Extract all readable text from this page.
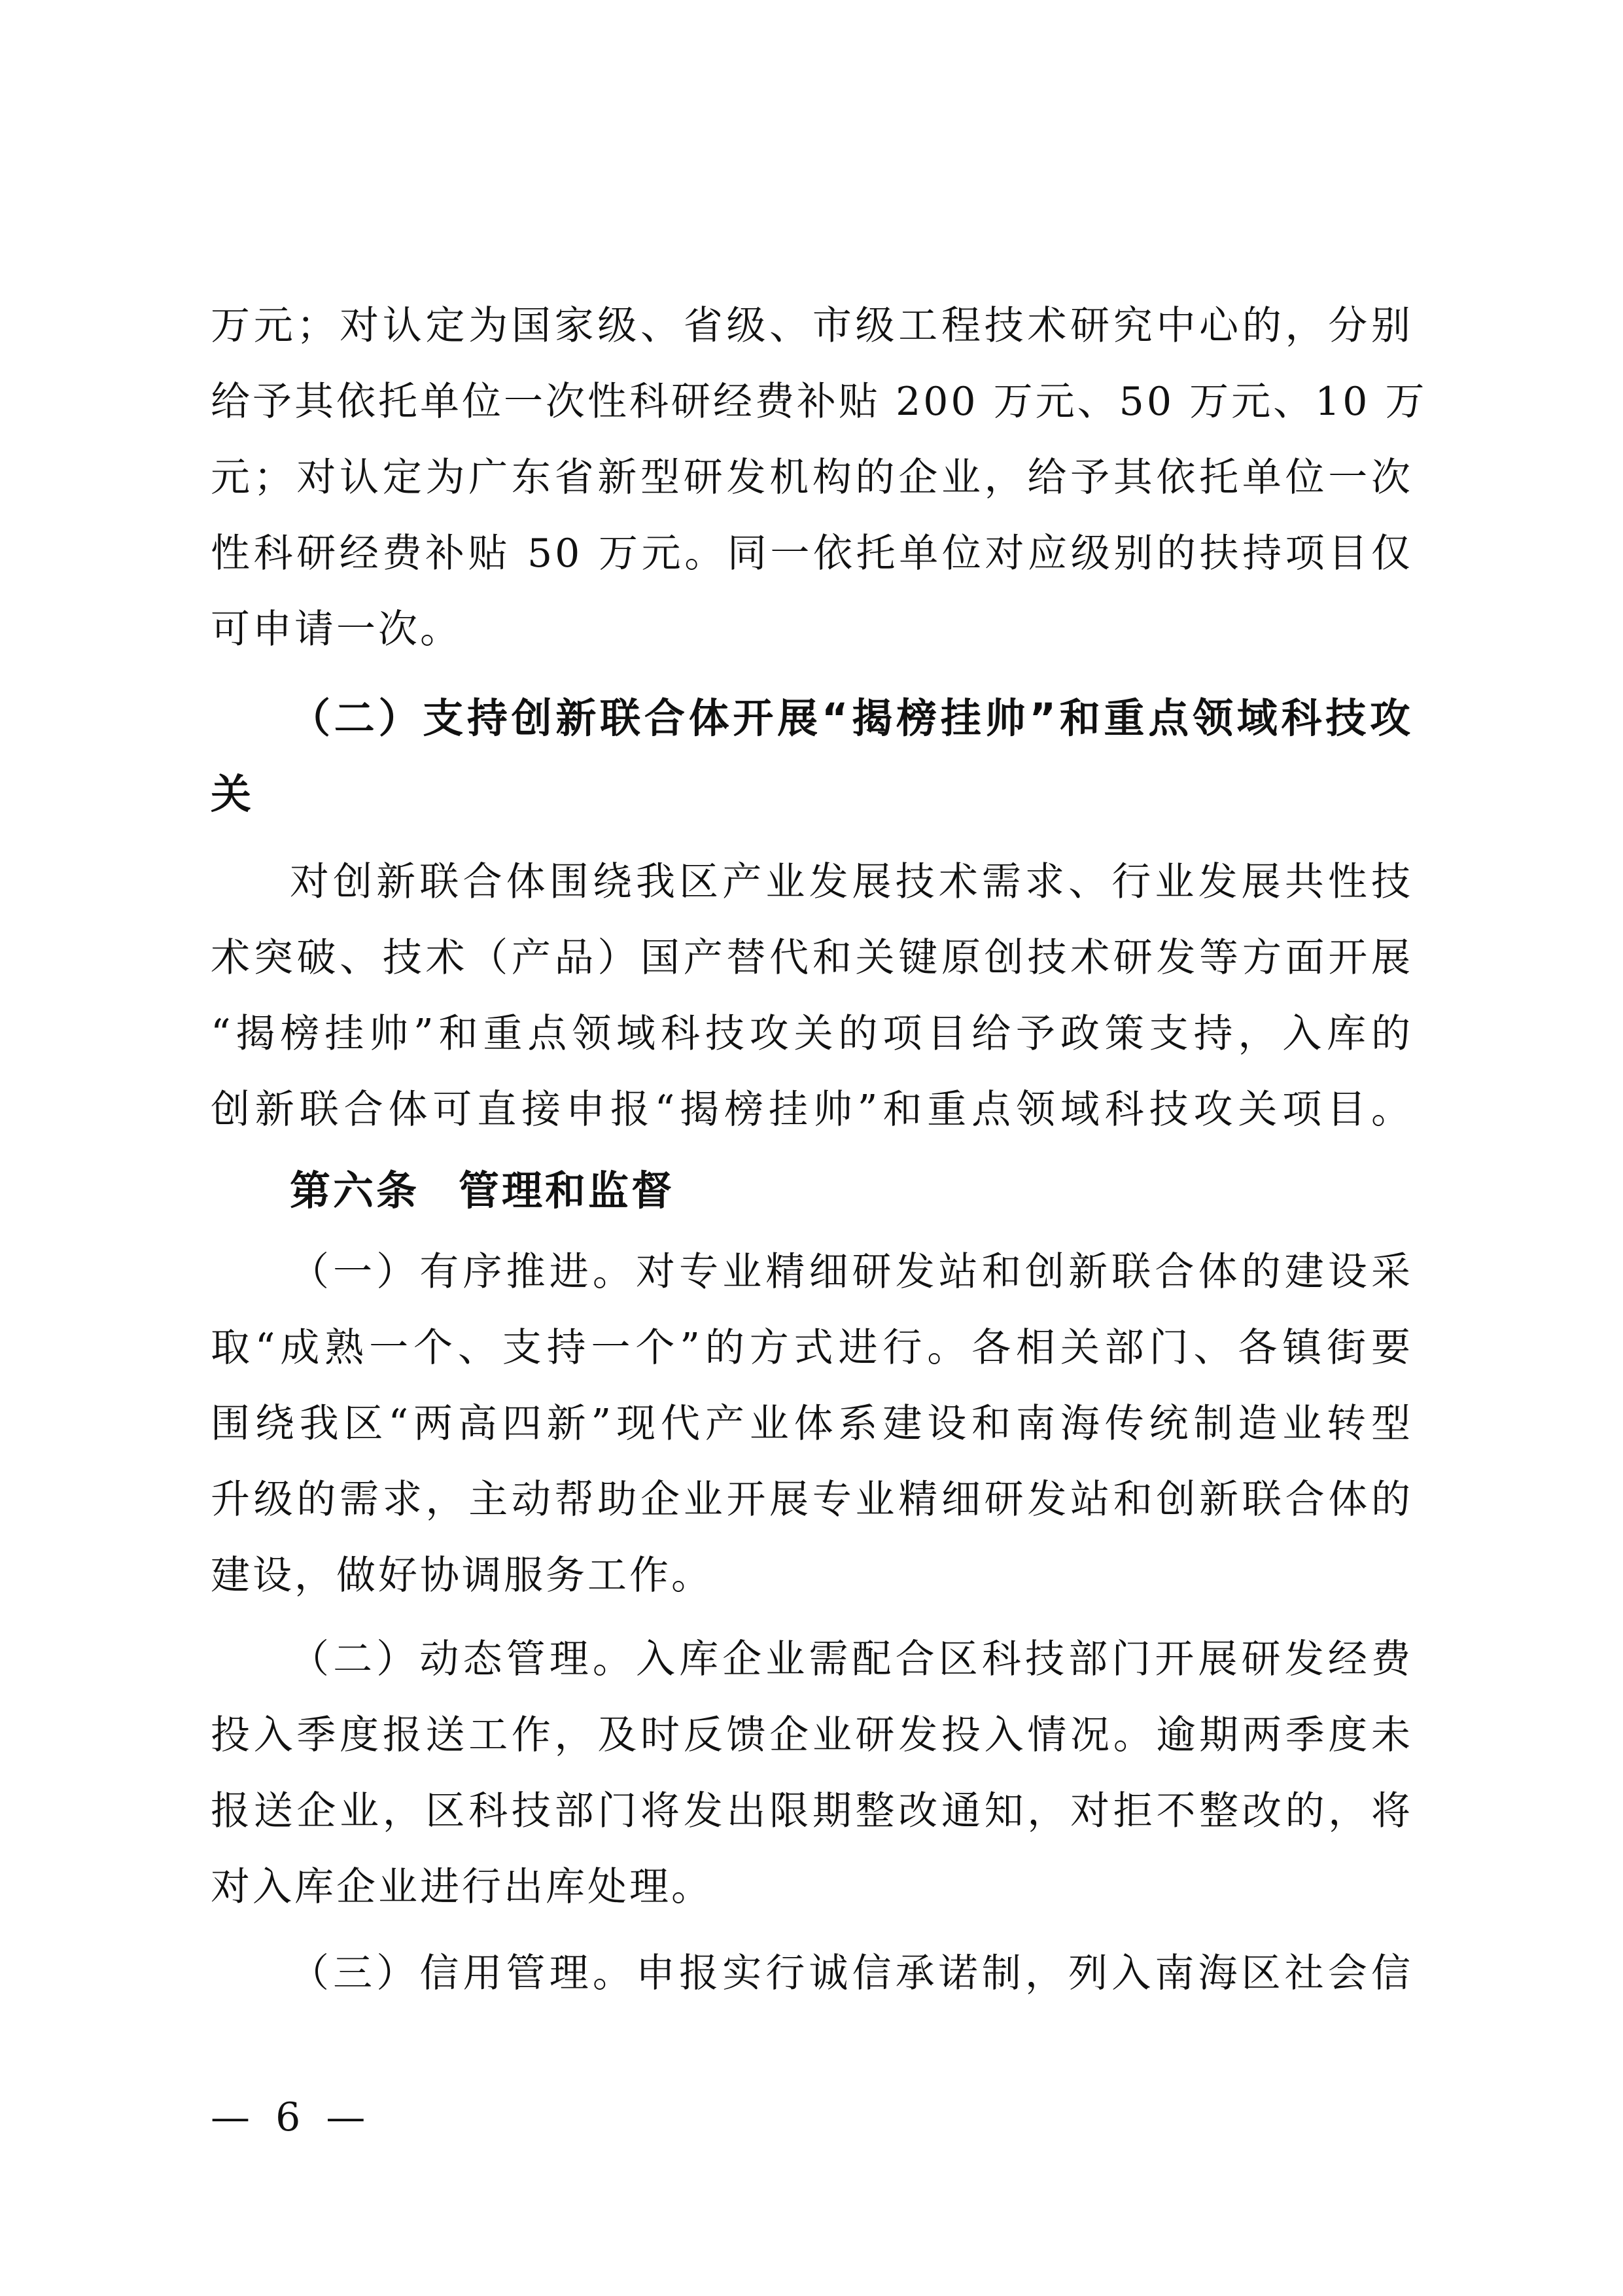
万元；对认定为国家级、省级、市级工程技术研究中心的，分别
给予其依托单位一次性科研经费补贴 200 万元、50 万元、10 万
元；对认定为广东省新型研发机构的企业，给予其依托单位一次
性科研经费补贴 50 万元。同一依托单位对应级别的扶持项目仅
可申请一次。
（二）支持创新联合体开展“揭榜挂帅”和重点领域科技攻
关
对创新联合体围绕我区产业发展技术需求、行业发展共性技
术突破、技术（产品）国产替代和关键原创技术研发等方面开展
“揭榜挂帅”和重点领域科技攻关的项目给予政策支持，入库的
创新联合体可直接申报“揭榜挂帅”和重点领域科技攻关项目。
第六条 管理和监督
（一）有序推进。对专业精细研发站和创新联合体的建设采
取“成熟一个、支持一个”的方式进行。各相关部门、各镇街要
围绕我区“两高四新”现代产业体系建设和南海传统制造业转型
升级的需求，主动帮助企业开展专业精细研发站和创新联合体的
建设，做好协调服务工作。
（二）动态管理。入库企业需配合区科技部门开展研发经费
投入季度报送工作，及时反馈企业研发投入情况。逾期两季度未
报送企业，区科技部门将发出限期整改通知，对拒不整改的，将
对入库企业进行出库处理。
（三）信用管理。申报实行诚信承诺制，列入南海区社会信
— 6 —
